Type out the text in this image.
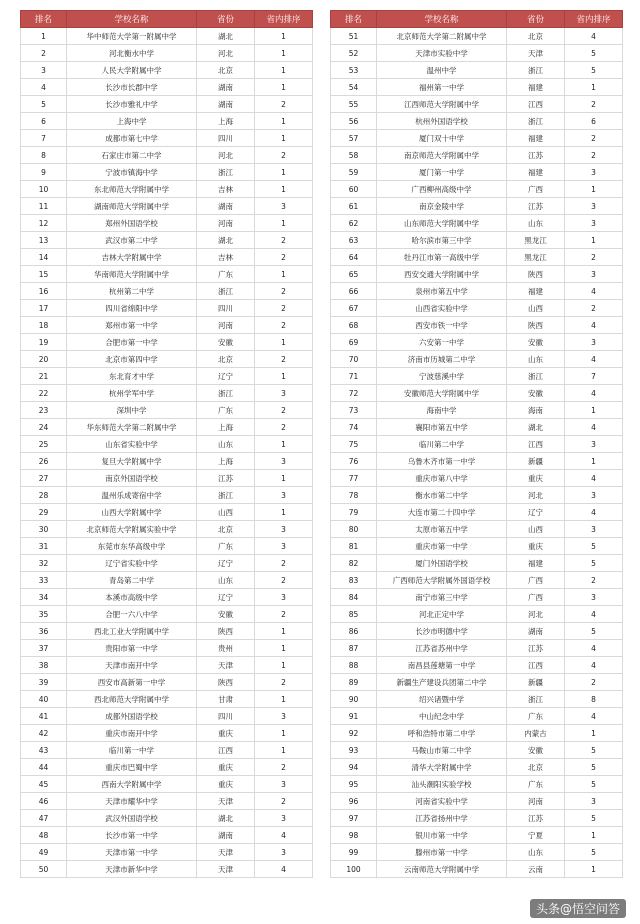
排名	学校名称	省份	省内排序
1	华中师范大学第一附属中学	湖北	1
2	河北衡水中学	河北	1
3	人民大学附属中学	北京	1
4	长沙市长郡中学	湖南	1
5	长沙市雅礼中学	湖南	2
6	上海中学	上海	1
7	成都市第七中学	四川	1
8	石家庄市第二中学	河北	2
9	宁波市镇海中学	浙江	1
10	东北师范大学附属中学	吉林	1
11	湖南师范大学附属中学	湖南	3
12	郑州外国语学校	河南	1
13	武汉市第二中学	湖北	2
14	吉林大学附属中学	吉林	2
15	华南师范大学附属中学	广东	1
16	杭州第二中学	浙江	2
17	四川省绵阳中学	四川	2
18	郑州市第一中学	河南	2
19	合肥市第一中学	安徽	1
20	北京市第四中学	北京	2
21	东北育才中学	辽宁	1
22	杭州学军中学	浙江	3
23	深圳中学	广东	2
24	华东师范大学第二附属中学	上海	2
25	山东省实验中学	山东	1
26	复旦大学附属中学	上海	3
27	南京外国语学校	江苏	1
28	温州乐成寄宿中学	浙江	3
29	山西大学附属中学	山西	1
30	北京师范大学附属实验中学	北京	3
31	东莞市东华高级中学	广东	3
32	辽宁省实验中学	辽宁	2
33	青岛第二中学	山东	2
34	本溪市高级中学	辽宁	3
35	合肥一六八中学	安徽	2
36	西北工业大学附属中学	陕西	1
37	贵阳市第一中学	贵州	1
38	天津市南开中学	天津	1
39	西安市高新第一中学	陕西	2
40	西北师范大学附属中学	甘肃	1
41	成都外国语学校	四川	3
42	重庆市南开中学	重庆	1
43	临川第一中学	江西	1
44	重庆市巴蜀中学	重庆	2
45	西南大学附属中学	重庆	3
46	天津市耀华中学	天津	2
47	武汉外国语学校	湖北	3
48	长沙市第一中学	湖南	4
49	天津市第一中学	天津	3
50	天津市新华中学	天津	4
排名	学校名称	省份	省内排序
51	北京师范大学第二附属中学	北京	4
52	天津市实验中学	天津	5
53	温州中学	浙江	5
54	福州第一中学	福建	1
55	江西师范大学附属中学	江西	2
56	杭州外国语学校	浙江	6
57	厦门双十中学	福建	2
58	南京师范大学附属中学	江苏	2
59	厦门第一中学	福建	3
60	广西柳州高级中学	广西	1
61	南京金陵中学	江苏	3
62	山东师范大学附属中学	山东	3
63	哈尔滨市第三中学	黑龙江	1
64	牡丹江市第一高级中学	黑龙江	2
65	西安交通大学附属中学	陕西	3
66	泉州市第五中学	福建	4
67	山西省实验中学	山西	2
68	西安市铁一中学	陕西	4
69	六安第一中学	安徽	3
70	济南市历城第二中学	山东	4
71	宁波慈溪中学	浙江	7
72	安徽师范大学附属中学	安徽	4
73	海南中学	海南	1
74	襄阳市第五中学	湖北	4
75	临川第二中学	江西	3
76	乌鲁木齐市第一中学	新疆	1
77	重庆市第八中学	重庆	4
78	衡水市第二中学	河北	3
79	大连市第二十四中学	辽宁	4
80	太原市第五中学	山西	3
81	重庆市第一中学	重庆	5
82	厦门外国语学校	福建	5
83	广西师范大学附属外国语学校	广西	2
84	南宁市第三中学	广西	3
85	河北正定中学	河北	4
86	长沙市明德中学	湖南	5
87	江苏省苏州中学	江苏	4
88	南昌县莲塘第一中学	江西	4
89	新疆生产建设兵团第二中学	新疆	2
90	绍兴诸暨中学	浙江	8
91	中山纪念中学	广东	4
92	呼和浩特市第二中学	内蒙古	1
93	马鞍山市第二中学	安徽	5
94	清华大学附属中学	北京	5
95	汕头潮阳实验学校	广东	5
96	河南省实验中学	河南	3
97	江苏省扬州中学	江苏	5
98	银川市第一中学	宁夏	1
99	滕州市第一中学	山东	5
100	云南师范大学附属中学	云南	1
头条@悟空问答
